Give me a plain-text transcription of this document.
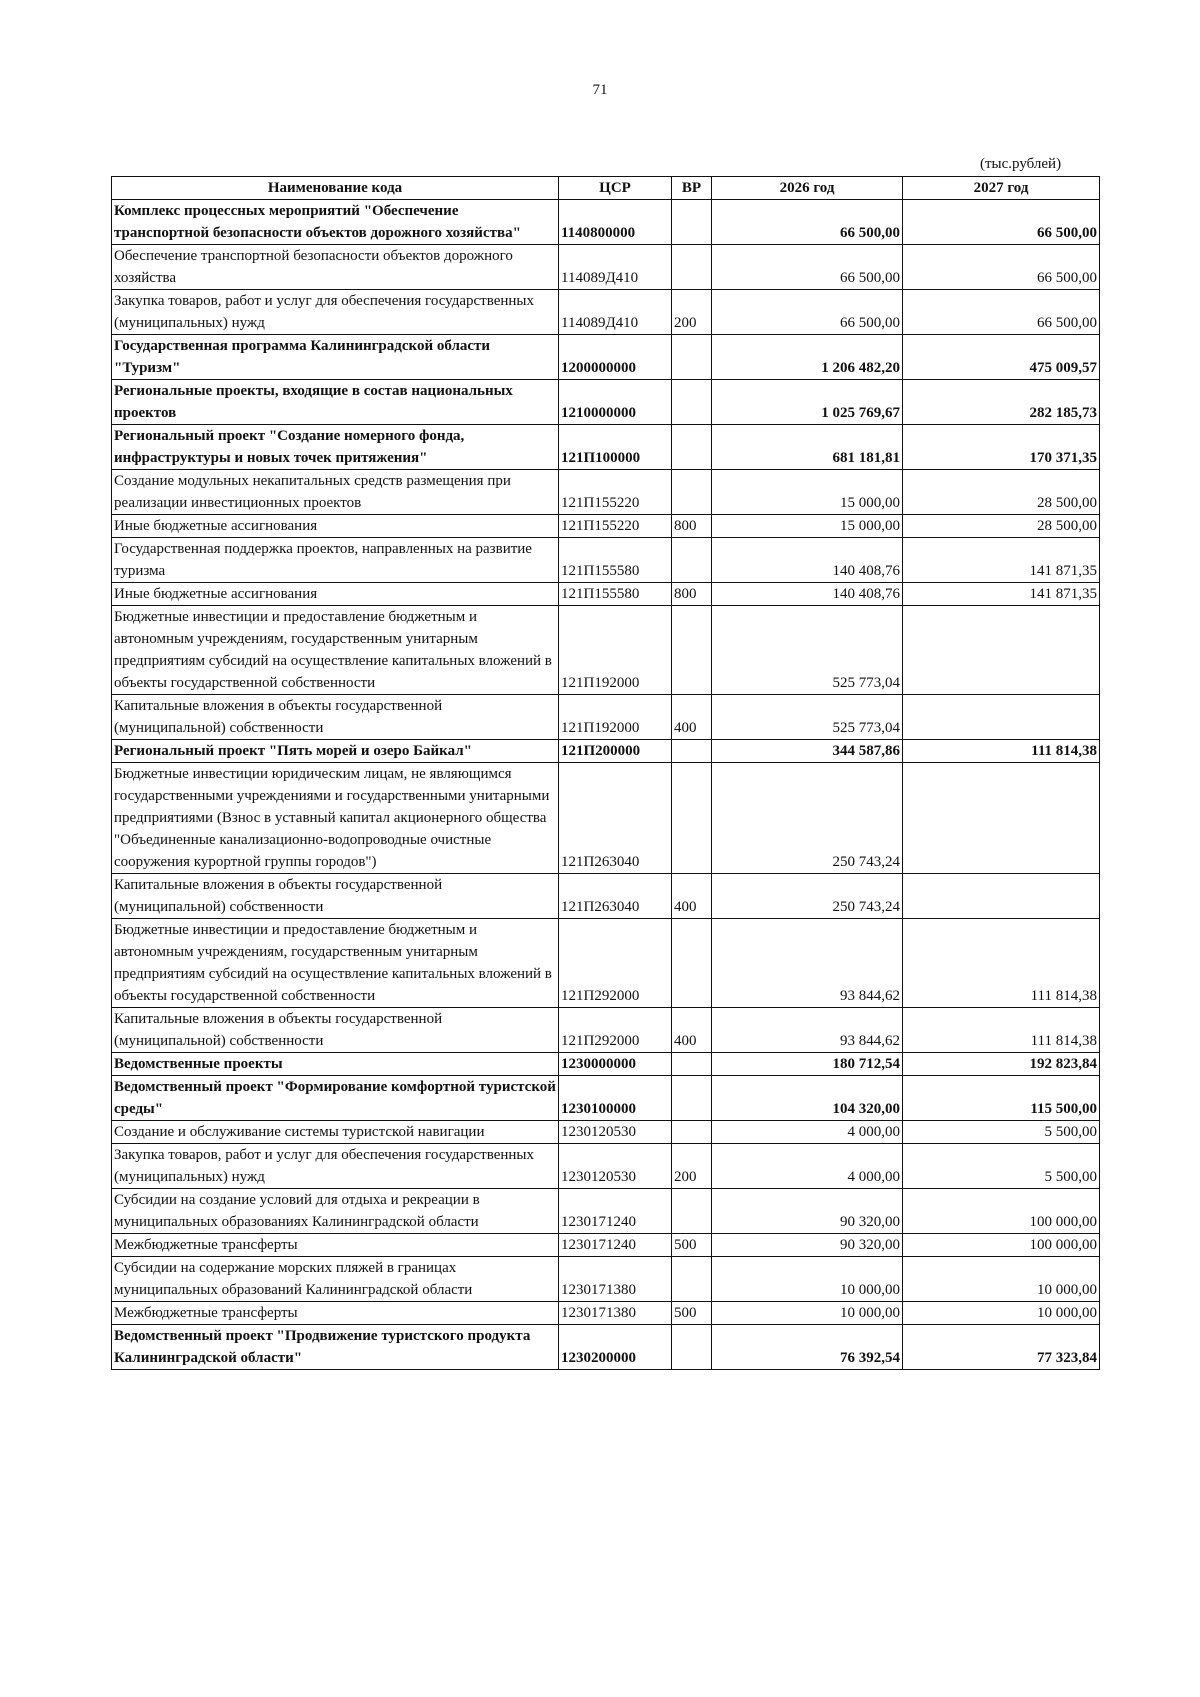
71
(тыс.рублей)
Наименование кода	ЦСР	ВР	2026 год	2027 год
Комплекс процессных мероприятий "Обеспечение транспортной безопасности объектов дорожного хозяйства"	1140800000		66 500,00	66 500,00
Обеспечение транспортной безопасности объектов дорожного хозяйства	114089Д410		66 500,00	66 500,00
Закупка товаров, работ и услуг для обеспечения государственных (муниципальных) нужд	114089Д410	200	66 500,00	66 500,00
Государственная программа Калининградской области "Туризм"	1200000000		1 206 482,20	475 009,57
Региональные проекты, входящие в состав национальных проектов	1210000000		1 025 769,67	282 185,73
Региональный проект "Создание номерного фонда, инфраструктуры и новых точек притяжения"	121П100000		681 181,81	170 371,35
Создание модульных некапитальных средств размещения при реализации инвестиционных проектов	121П155220		15 000,00	28 500,00
Иные бюджетные ассигнования	121П155220	800	15 000,00	28 500,00
Государственная поддержка проектов, направленных на развитие туризма	121П155580		140 408,76	141 871,35
Иные бюджетные ассигнования	121П155580	800	140 408,76	141 871,35
Бюджетные инвестиции и предоставление бюджетным и автономным учреждениям, государственным унитарным предприятиям субсидий на осуществление капитальных вложений в объекты государственной собственности	121П192000		525 773,04	
Капитальные вложения в объекты государственной (муниципальной) собственности	121П192000	400	525 773,04	
Региональный проект "Пять морей и озеро Байкал"	121П200000		344 587,86	111 814,38
Бюджетные инвестиции юридическим лицам, не являющимся государственными учреждениями и государственными унитарными предприятиями (Взнос в уставный капитал акционерного общества "Объединенные канализационно-водопроводные очистные сооружения курортной группы городов")	121П263040		250 743,24	
Капитальные вложения в объекты государственной (муниципальной) собственности	121П263040	400	250 743,24	
Бюджетные инвестиции и предоставление бюджетным и автономным учреждениям, государственным унитарным предприятиям субсидий на осуществление капитальных вложений в объекты государственной собственности	121П292000		93 844,62	111 814,38
Капитальные вложения в объекты государственной (муниципальной) собственности	121П292000	400	93 844,62	111 814,38
Ведомственные проекты	1230000000		180 712,54	192 823,84
Ведомственный проект "Формирование комфортной туристской среды"	1230100000		104 320,00	115 500,00
Создание и обслуживание системы туристской навигации	1230120530		4 000,00	5 500,00
Закупка товаров, работ и услуг для обеспечения государственных (муниципальных) нужд	1230120530	200	4 000,00	5 500,00
Субсидии на создание условий для отдыха и рекреации в муниципальных образованиях Калининградской области	1230171240		90 320,00	100 000,00
Межбюджетные трансферты	1230171240	500	90 320,00	100 000,00
Субсидии на содержание морских пляжей в границах муниципальных образований Калининградской области	1230171380		10 000,00	10 000,00
Межбюджетные трансферты	1230171380	500	10 000,00	10 000,00
Ведомственный проект "Продвижение туристского продукта Калининградской области"	1230200000		76 392,54	77 323,84
